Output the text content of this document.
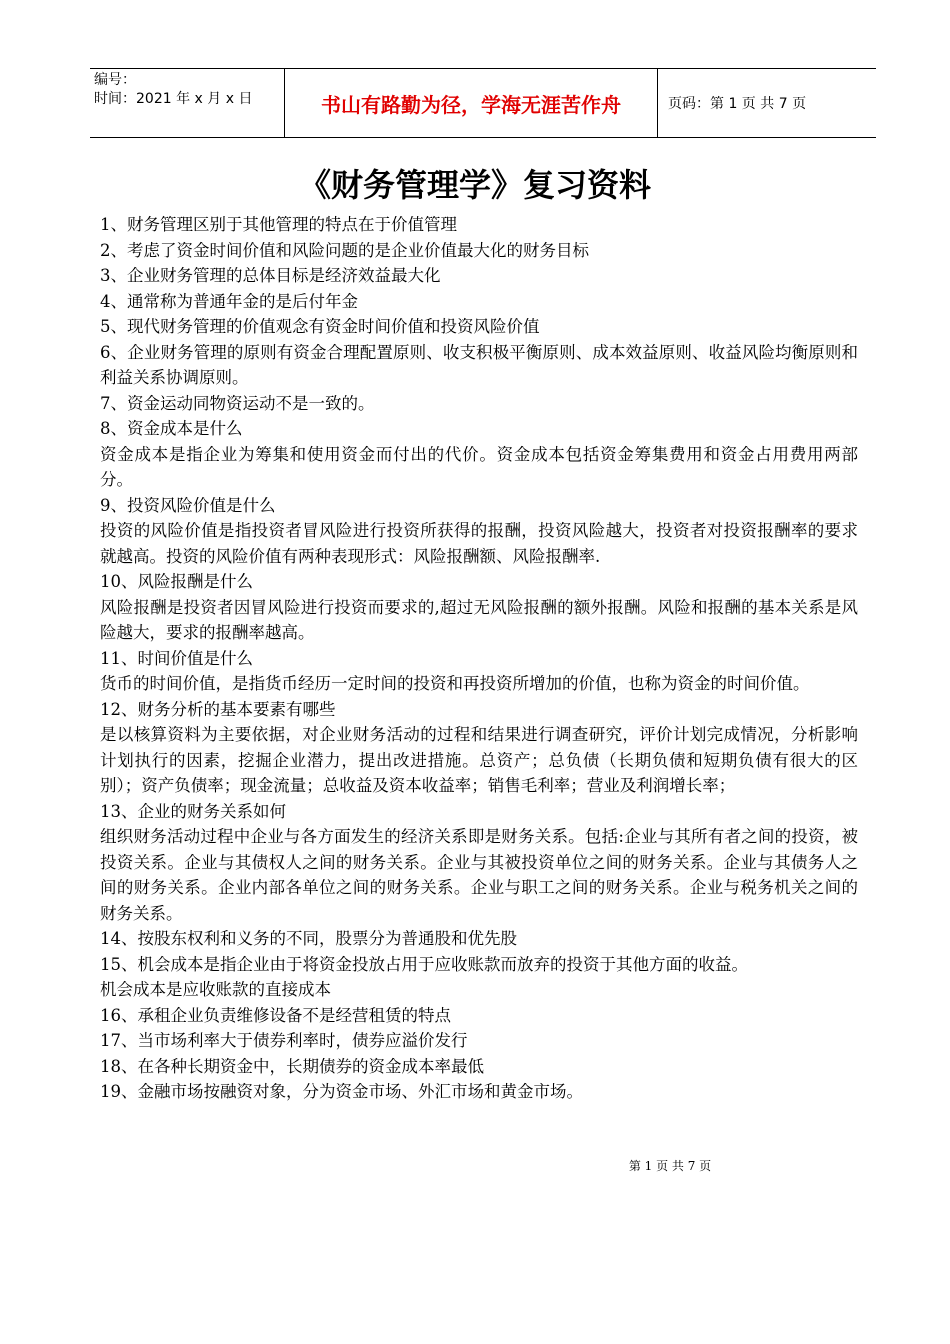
编号：
时间：2021 年 x 月 x 日	书山有路勤为径，学海无涯苦作舟	页码：第 1 页 共 7 页
《财务管理学》复习资料

1、财务管理区别于其他管理的特点在于价值管理

2、考虑了资金时间价值和风险问题的是企业价值最大化的财务目标

3、企业财务管理的总体目标是经济效益最大化

4、通常称为普通年金的是后付年金

5、现代财务管理的价值观念有资金时间价值和投资风险价值

6、企业财务管理的原则有资金合理配置原则、收支积极平衡原则、成本效益原则、收益风险均衡原则和利益关系协调原则。

7、资金运动同物资运动不是一致的。

8、资金成本是什么

资金成本是指企业为筹集和使用资金而付出的代价。资金成本包括资金筹集费用和资金占用费用两部分。

9、投资风险价值是什么

投资的风险价值是指投资者冒风险进行投资所获得的报酬，投资风险越大，投资者对投资报酬率的要求就越高。投资的风险价值有两种表现形式：风险报酬额、风险报酬率.

10、风险报酬是什么

风险报酬是投资者因冒风险进行投资而要求的,超过无风险报酬的额外报酬。风险和报酬的基本关系是风险越大，要求的报酬率越高。

11、时间价值是什么

货币的时间价值，是指货币经历一定时间的投资和再投资所增加的价值，也称为资金的时间价值。

12、财务分析的基本要素有哪些

是以核算资料为主要依据，对企业财务活动的过程和结果进行调查研究，评价计划完成情况，分析影响计划执行的因素，挖掘企业潜力，提出改进措施。总资产；总负债（长期负债和短期负债有很大的区别）；资产负债率；现金流量；总收益及资本收益率；销售毛利率；营业及利润增长率；

13、企业的财务关系如何

组织财务活动过程中企业与各方面发生的经济关系即是财务关系。包括:企业与其所有者之间的投资，被投资关系。企业与其债权人之间的财务关系。企业与其被投资单位之间的财务关系。企业与其债务人之间的财务关系。企业内部各单位之间的财务关系。企业与职工之间的财务关系。企业与税务机关之间的财务关系。

14、按股东权利和义务的不同，股票分为普通股和优先股

15、机会成本是指企业由于将资金投放占用于应收账款而放弃的投资于其他方面的收益。

机会成本是应收账款的直接成本

16、承租企业负责维修设备不是经营租赁的特点

17、当市场利率大于债券利率时，债券应溢价发行

18、在各种长期资金中，长期债券的资金成本率最低

19、金融市场按融资对象，分为资金市场、外汇市场和黄金市场。

第 1 页 共 7 页
